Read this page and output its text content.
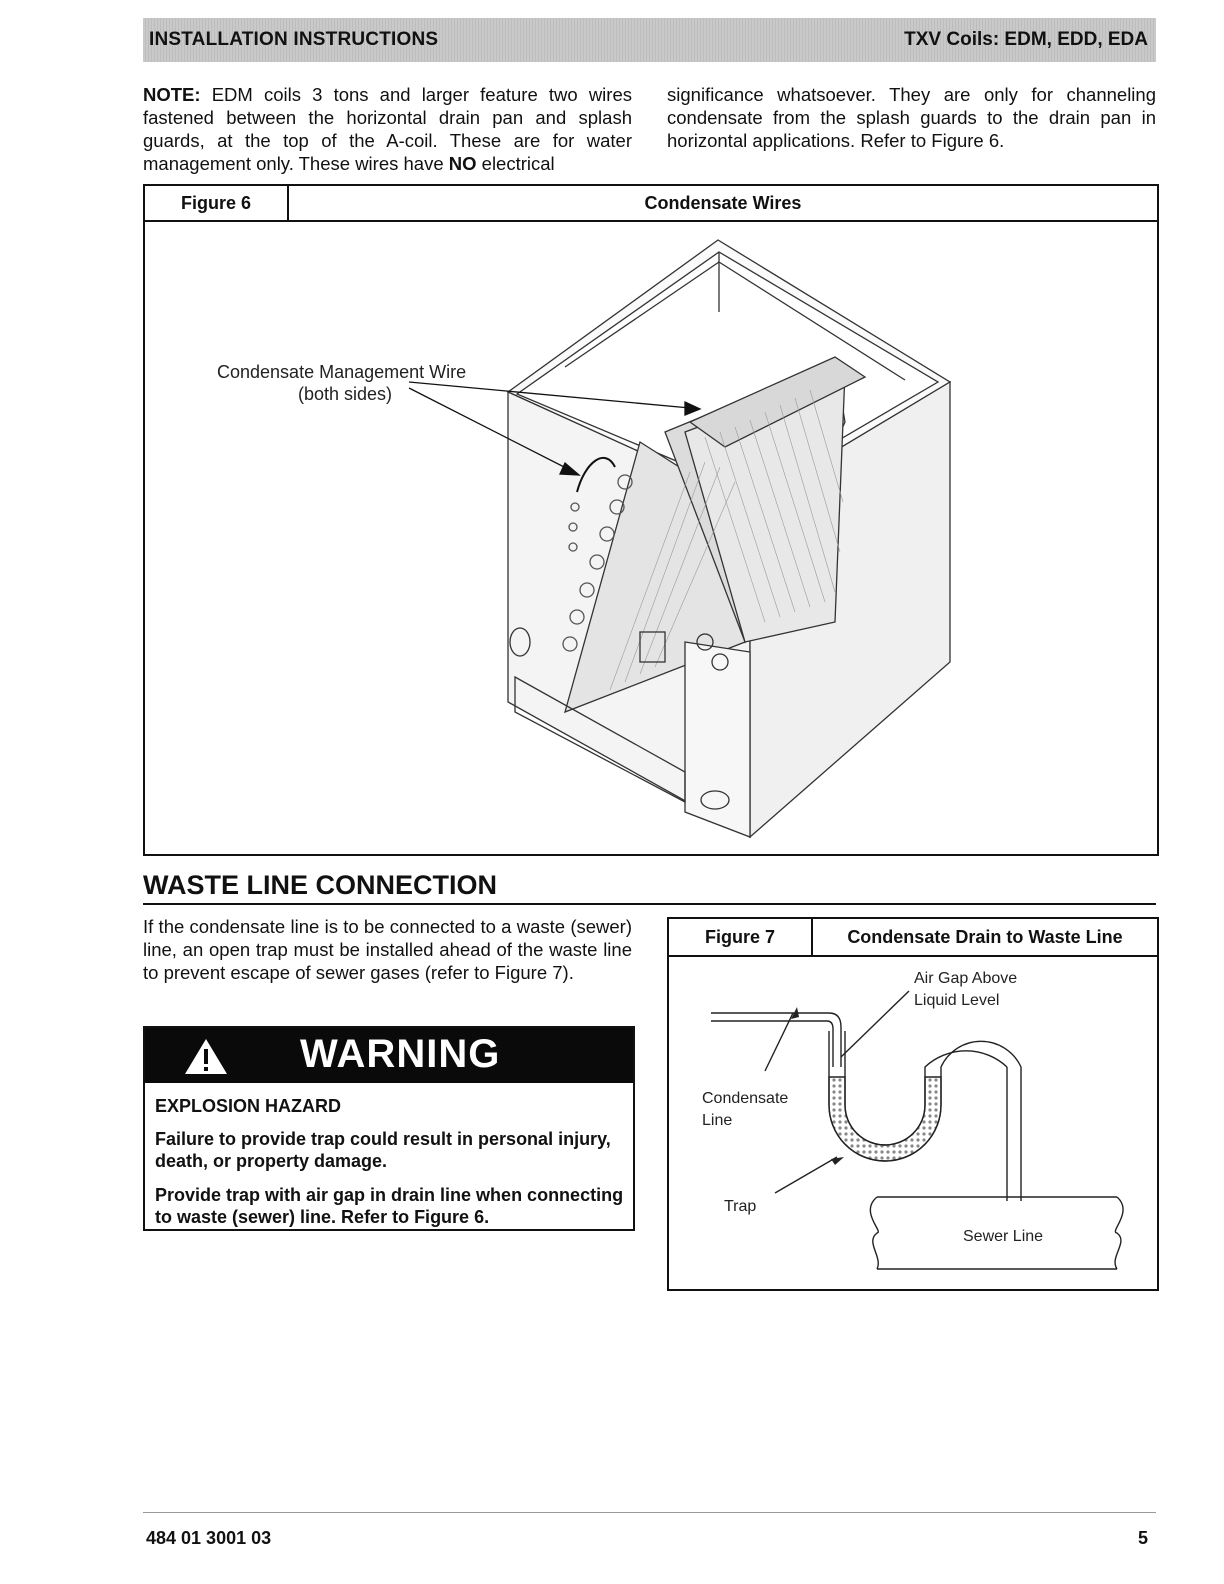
INSTALLATION INSTRUCTIONS	TXV Coils: EDM, EDD, EDA
NOTE: EDM coils 3 tons and larger feature two wires fastened between the horizontal drain pan and splash guards, at the top of the A-coil. These are for water management only. These wires have NO electrical
significance whatsoever. They are only for channeling condensate from the splash guards to the drain pan in horizontal applications. Refer to Figure 6.
Figure 6	Condensate Wires
Condensate Management Wire
(both sides)
WASTE LINE CONNECTION
If the condensate line is to be connected to a waste (sewer) line, an open trap must be installed ahead of the waste line to prevent escape of sewer gases (refer to Figure 7).
WARNING
EXPLOSION HAZARD
Failure to provide trap could result in personal injury, death, or property damage.
Provide trap with air gap in drain line when connecting to waste (sewer) line. Refer to Figure 6.
Figure 7	Condensate Drain to Waste Line
Air Gap Above
Liquid Level
Condensate
Line
Trap
Sewer Line
484 01 3001 03	5
